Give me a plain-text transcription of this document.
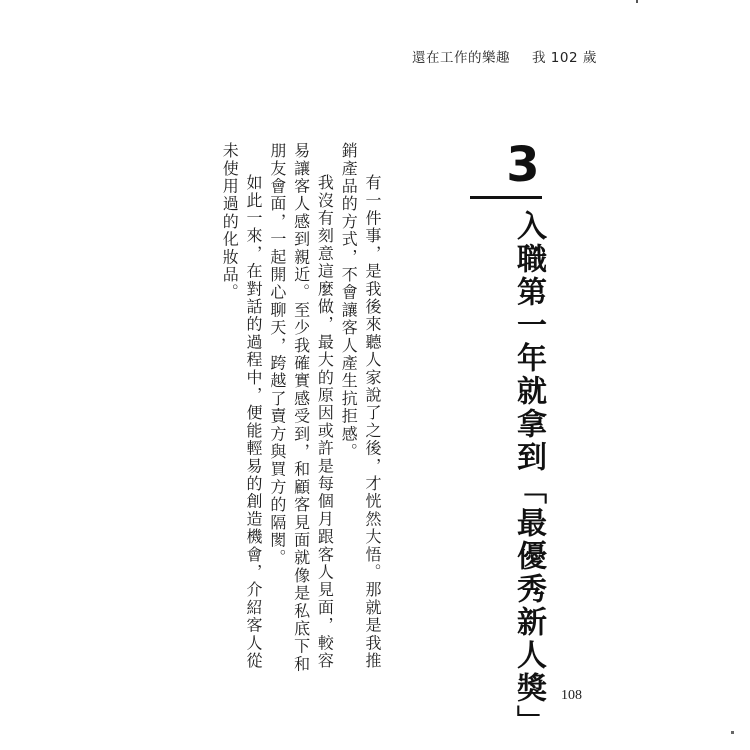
還在工作的樂趣 我 102 歲
3
入職第一年就拿到「最優秀新人獎」

有一件事，是我後來聽人家說了之後，才恍然大悟。那就是我推銷產品的方式，不會讓客人產生抗拒感。

我沒有刻意這麼做，最大的原因或許是每個月跟客人見面，較容易讓客人感到親近。至少我確實感受到，和顧客見面就像是私底下和朋友會面，一起開心聊天，跨越了賣方與買方的隔閡。

如此一來，在對話的過程中，便能輕易的創造機會，介紹客人從未使用過的化妝品。

108
